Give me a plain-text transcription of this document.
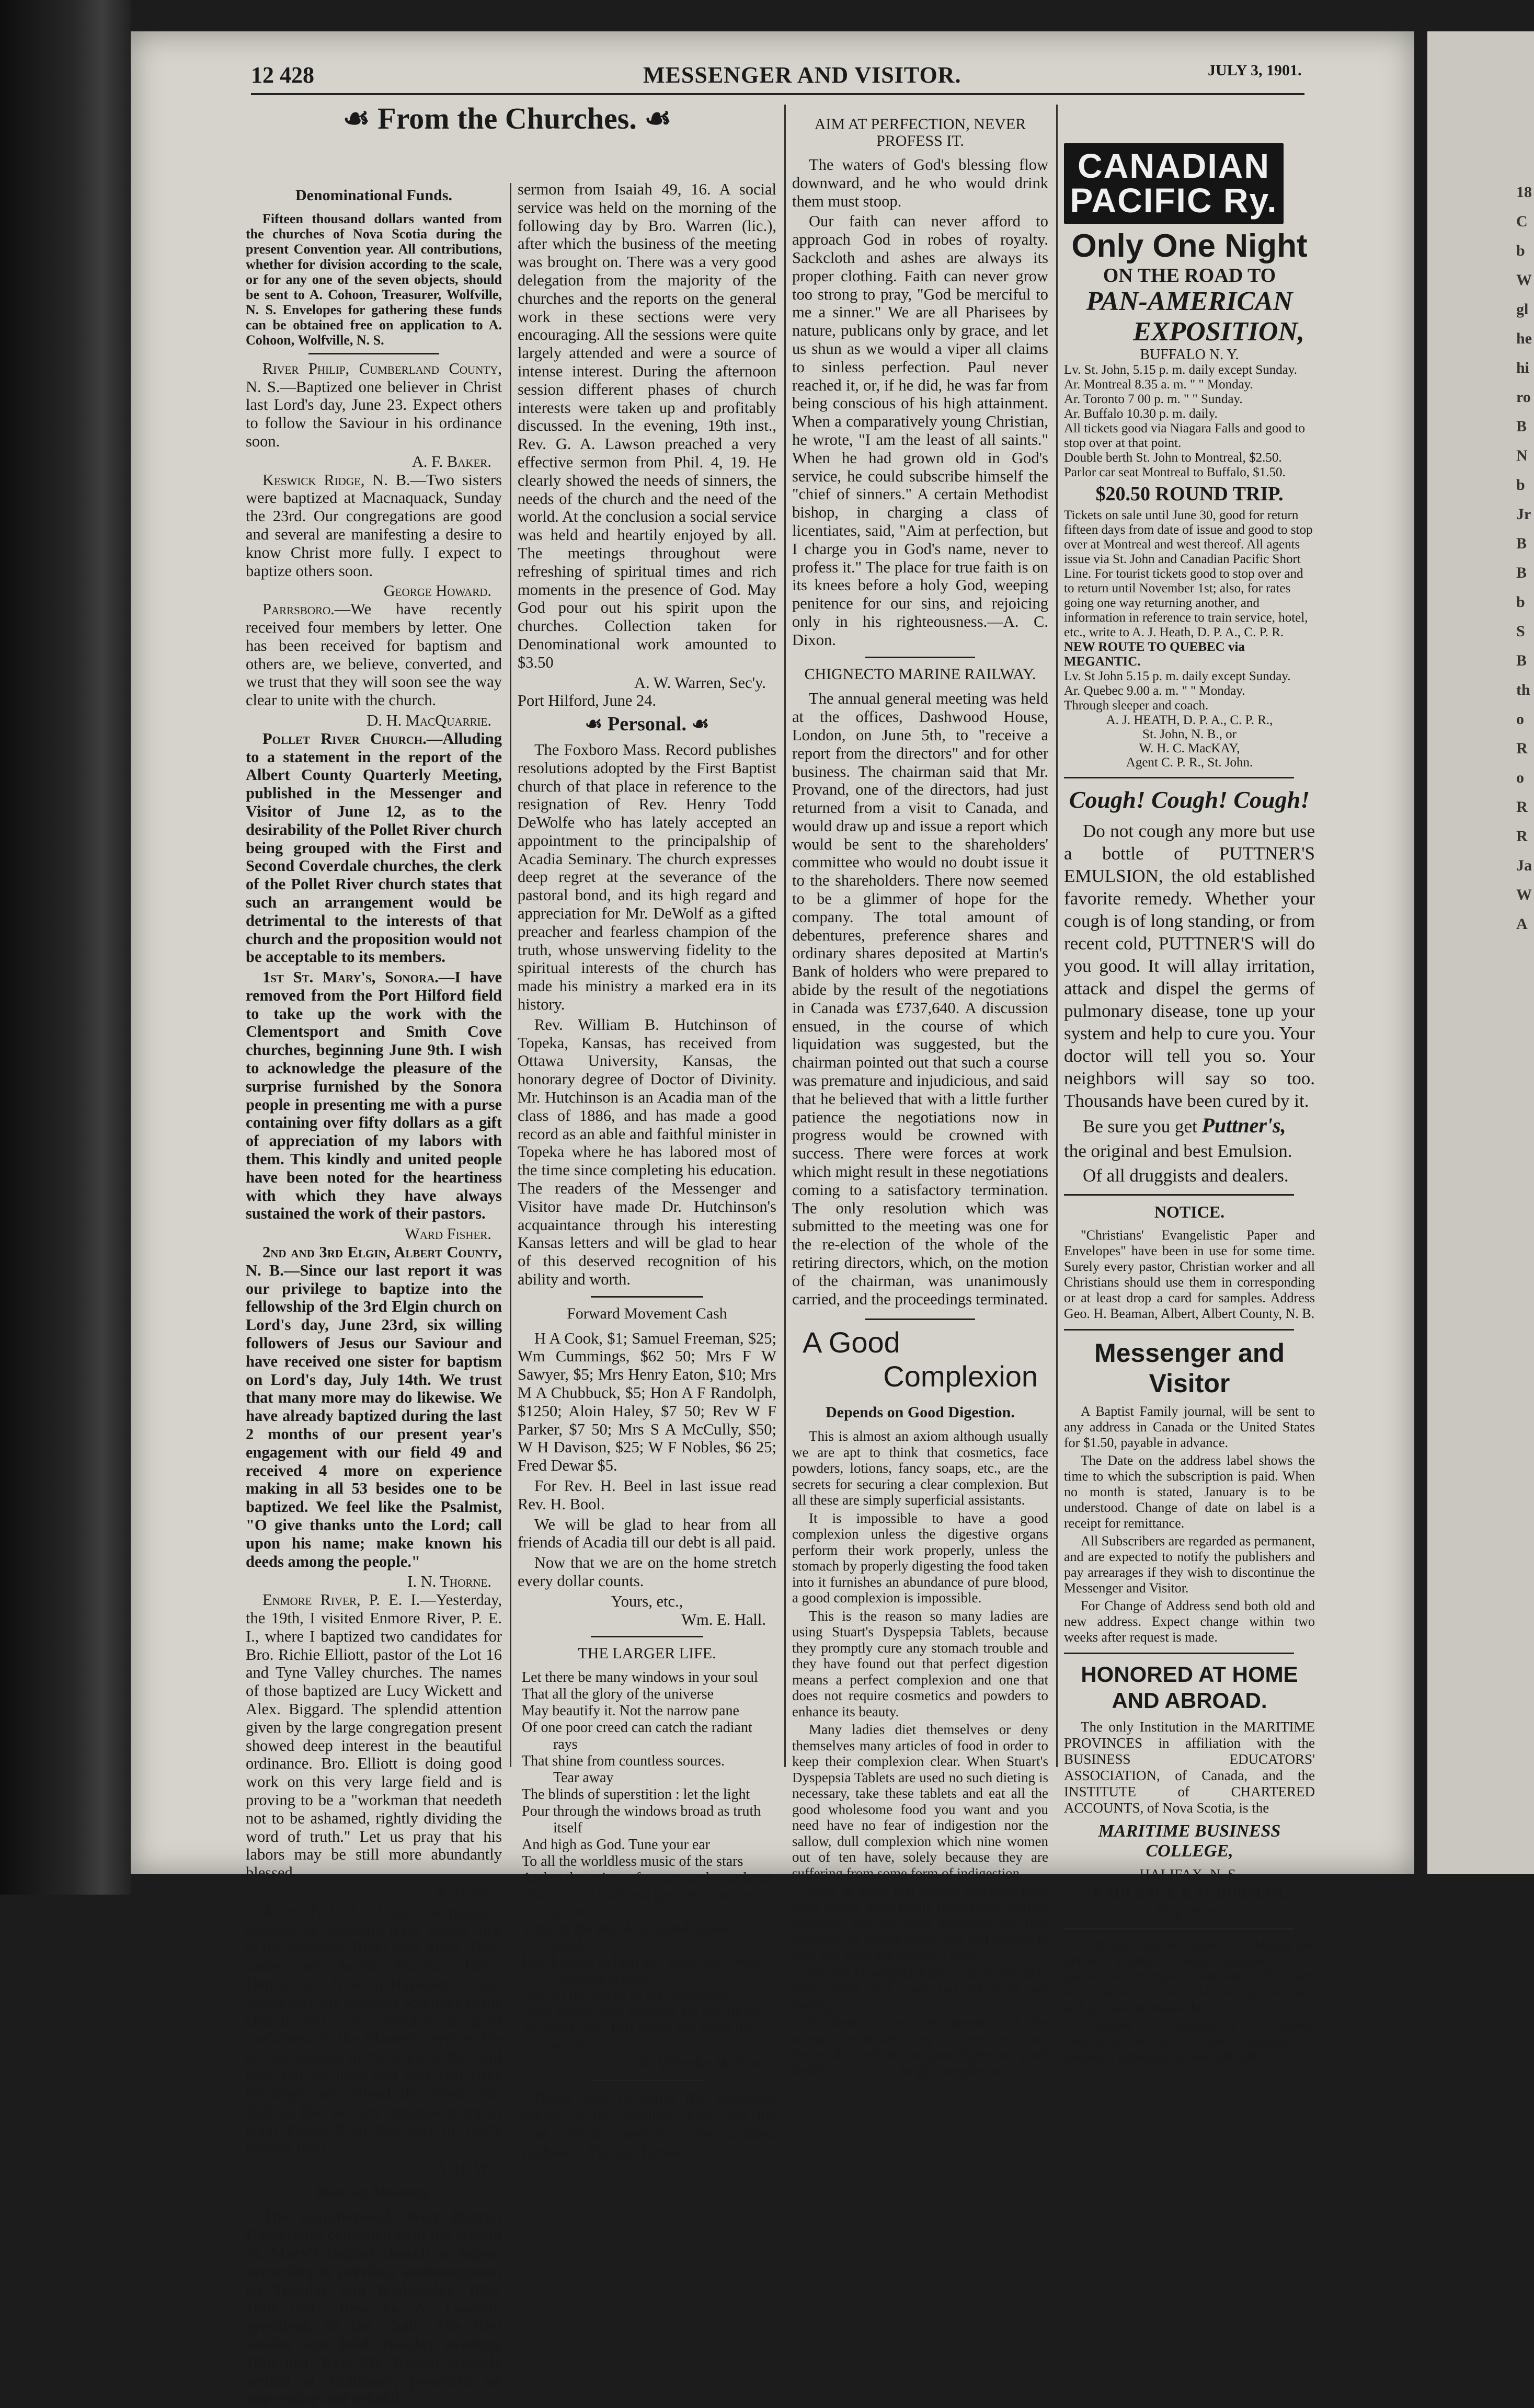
18
C
b
W
gl
he
hi
ro
B
N
b
Jr
B
B
b
S
B
th
o
R
o
R
R
Ja
W
A
12 428	MESSENGER AND VISITOR.	JULY 3, 1901.
☙ From the Churches. ☙
Denominational Funds.

Fifteen thousand dollars wanted from the churches of Nova Scotia during the present Convention year. All contributions, whether for division according to the scale, or for any one of the seven objects, should be sent to A. Cohoon, Treasurer, Wolfville, N. S. Envelopes for gathering these funds can be obtained free on application to A. Cohoon, Wolfville, N. S.

River Philip, Cumberland County, N. S.—Baptized one believer in Christ last Lord's day, June 23. Expect others to follow the Saviour in his ordinance soon.

A. F. Baker.

Keswick Ridge, N. B.—Two sisters were baptized at Macnaquack, Sunday the 23rd. Our congregations are good and several are manifesting a desire to know Christ more fully. I expect to baptize others soon.

George Howard.

Parrsboro.—We have recently received four members by letter. One has been received for baptism and others are, we believe, converted, and we trust that they will soon see the way clear to unite with the church.

D. H. MacQuarrie.

Pollet River Church.—Alluding to a statement in the report of the Albert County Quarterly Meeting, published in the Messenger and Visitor of June 12, as to the desirability of the Pollet River church being grouped with the First and Second Coverdale churches, the clerk of the Pollet River church states that such an arrangement would be detrimental to the interests of that church and the proposition would not be acceptable to its members.

1st St. Mary's, Sonora.—I have removed from the Port Hilford field to take up the work with the Clementsport and Smith Cove churches, beginning June 9th. I wish to acknowledge the pleasure of the surprise furnished by the Sonora people in presenting me with a purse containing over fifty dollars as a gift of appreciation of my labors with them. This kindly and united people have been noted for the heartiness with which they have always sustained the work of their pastors.

Ward Fisher.

2nd and 3rd Elgin, Albert County, N. B.—Since our last report it was our privilege to baptize into the fellowship of the 3rd Elgin church on Lord's day, June 23rd, six willing followers of Jesus our Saviour and have received one sister for baptism on Lord's day, July 14th. We trust that many more may do likewise. We have already baptized during the last 2 months of our present year's engagement with our field 49 and received 4 more on experience making in all 53 besides one to be baptized. We feel like the Psalmist, "O give thanks unto the Lord; call upon his name; make known his deeds among the people."

I. N. Thorne.

Enmore River, P. E. I.—Yesterday, the 19th, I visited Enmore River, P. E. I., where I baptized two candidates for Bro. Richie Elliott, pastor of the Lot 16 and Tyne Valley churches. The names of those baptized are Lucy Wickett and Alex. Biggard. The splendid attention given by the large congregation present showed deep interest in the beautiful ordinance. Bro. Elliott is doing good work on this very large field and is proving to be a "workman that needeth not to be ashamed, rightly dividing the word of truth." Let us pray that his labors may be still more abundantly blessed.

A. H. W.

Alma, P. E. I.—I had the pleasure recently of baptizing three young men in the Montrose River near Alma. Their names are Archie Dunbar, James Dunbar and Newton Haywood. These young men are valuable additions to the church and give promise of great usefulness in the Master's service. We are encouraged in the work of the Lord here and we hope and pray that large blessings may attend the efforts put forth so that we may continue to report good things from this part of God's harvest field.

A. H. W.
District Meeting.

The Guysborough West District Conference convened with the second St. Mary's Baptist church at Aspen, according to previous announcement on Tuesday and Wednesday, 18th, 19th inst., Rev. G. A. Lawson, president, in the chair. The first session was held Tuesday evening, 18th inst. Rev. Mr. Brown recently settled at Goldboro, preached an impressive and helpful

sermon from Isaiah 49, 16. A social service was held on the morning of the following day by Bro. Warren (lic.), after which the business of the meeting was brought on. There was a very good delegation from the majority of the churches and the reports on the general work in these sections were very encouraging. All the sessions were quite largely attended and were a source of intense interest. During the afternoon session different phases of church interests were taken up and profitably discussed. In the evening, 19th inst., Rev. G. A. Lawson preached a very effective sermon from Phil. 4, 19. He clearly showed the needs of sinners, the needs of the church and the need of the world. At the conclusion a social service was held and heartily enjoyed by all. The meetings throughout were refreshing of spiritual times and rich moments in the presence of God. May God pour out his spirit upon the churches. Collection taken for Denominational work amounted to $3.50

A. W. Warren, Sec'y.

Port Hilford, June 24.

☙ Personal. ☙

The Foxboro Mass. Record publishes resolutions adopted by the First Baptist church of that place in reference to the resignation of Rev. Henry Todd DeWolfe who has lately accepted an appointment to the principalship of Acadia Seminary. The church expresses deep regret at the severance of the pastoral bond, and its high regard and appreciation for Mr. DeWolf as a gifted preacher and fearless champion of the truth, whose unswerving fidelity to the spiritual interests of the church has made his ministry a marked era in its history.

Rev. William B. Hutchinson of Topeka, Kansas, has received from Ottawa University, Kansas, the honorary degree of Doctor of Divinity. Mr. Hutchinson is an Acadia man of the class of 1886, and has made a good record as an able and faithful minister in Topeka where he has labored most of the time since completing his education. The readers of the Messenger and Visitor have made Dr. Hutchinson's acquaintance through his interesting Kansas letters and will be glad to hear of this deserved recognition of his ability and worth.

Forward Movement Cash

H A Cook, $1; Samuel Freeman, $25; Wm Cummings, $62 50; Mrs F W Sawyer, $5; Mrs Henry Eaton, $10; Mrs M A Chubbuck, $5; Hon A F Randolph, $1250; Aloin Haley, $7 50; Rev W F Parker, $7 50; Mrs S A McCully, $50; W H Davison, $25; W F Nobles, $6 25; Fred Dewar $5.

For Rev. H. Beel in last issue read Rev. H. Bool.

We will be glad to hear from all friends of Acadia till our debt is all paid.

Now that we are on the home stretch every dollar counts.

Yours, etc.,
Wm. E. Hall.
THE LARGER LIFE.
Let there be many windows in your soul
That all the glory of the universe
May beautify it. Not the narrow pane
Of one poor creed can catch the radiant
rays
That shine from countless sources.
Tear away
The blinds of superstition : let the light
Pour through the windows broad as truth
itself
And high as God. Tune your ear
To all the worldless music of the stars
And to the voices of nature, and your heart
Shall turn to truth and goodness, as the
plant
Turns to the sun. A thousand unseen
hands
Reach down to help you from their peace-
crowned heights,
And all the forces of the firmament
Shall fortify your strength. Be not afraid
To thrust aside half truths and grasp the
whole.
—R. Wheeler Wilcox.

Never fear to bring the sublimest motive to the smallest duty, and the most infinite comfort to the smallest troubles.—Phillips Brooks.

AIM AT PERFECTION, NEVER PROFESS IT.

The waters of God's blessing flow downward, and he who would drink them must stoop.

Our faith can never afford to approach God in robes of royalty. Sackcloth and ashes are always its proper clothing. Faith can never grow too strong to pray, "God be merciful to me a sinner." We are all Pharisees by nature, publicans only by grace, and let us shun as we would a viper all claims to sinless perfection. Paul never reached it, or, if he did, he was far from being conscious of his high attainment. When a comparatively young Christian, he wrote, "I am the least of all saints." When he had grown old in God's service, he could subscribe himself the "chief of sinners." A certain Methodist bishop, in charging a class of licentiates, said, "Aim at perfection, but I charge you in God's name, never to profess it." The place for true faith is on its knees before a holy God, weeping penitence for our sins, and rejoicing only in his righteousness.—A. C. Dixon.

CHIGNECTO MARINE RAILWAY.

The annual general meeting was held at the offices, Dashwood House, London, on June 5th, to "receive a report from the directors" and for other business. The chairman said that Mr. Provand, one of the directors, had just returned from a visit to Canada, and would draw up and issue a report which would be sent to the shareholders' committee who would no doubt issue it to the shareholders. There now seemed to be a glimmer of hope for the company. The total amount of debentures, preference shares and ordinary shares deposited at Martin's Bank of holders who were prepared to abide by the result of the negotiations in Canada was £737,640. A discussion ensued, in the course of which liquidation was suggested, but the chairman pointed out that such a course was premature and injudicious, and said that he believed that with a little further patience the negotiations now in progress would be crowned with success. There were forces at work which might result in these negotiations coming to a satisfactory termination. The only resolution which was submitted to the meeting was one for the re-election of the whole of the retiring directors, which, on the motion of the chairman, was unanimously carried, and the proceedings terminated.

A Good
Complexion
Depends on Good Digestion.

This is almost an axiom although usually we are apt to think that cosmetics, face powders, lotions, fancy soaps, etc., are the secrets for securing a clear complexion. But all these are simply superficial assistants.

It is impossible to have a good complexion unless the digestive organs perform their work properly, unless the stomach by properly digesting the food taken into it furnishes an abundance of pure blood, a good complexion is impossible.

This is the reason so many ladies are using Stuart's Dyspepsia Tablets, because they promptly cure any stomach trouble and they have found out that perfect digestion means a perfect complexion and one that does not require cosmetics and powders to enhance its beauty.

Many ladies diet themselves or deny themselves many articles of food in order to keep their complexion clear. When Stuart's Dyspepsia Tablets are used no such dieting is necessary, take these tablets and eat all the good wholesome food you want and you need have no fear of indigestion nor the sallow, dull complexion which nine women out of ten have, solely because they are suffering from some form of indigestion.

Bear in mind that beauty proceeds from good health, good health results from perfect digestion and we have advanced the best argument to induce every man and woman to give this splendid remedy a trial.

Stuart's Dyspepsia Tablets can be found in drug stores and costs but 50 cents per package.

If there is any derangement of the stomach or bowels they will remove it and the resultant effects are good digestion, good health, and a clear, bright complexion.

CANADIAN PACIFIC Ry.
Only One Night
ON THE ROAD TO
PAN-AMERICAN
EXPOSITION,
BUFFALO N. Y.
Lv. St. John, 5.15 p. m. daily except Sunday.
Ar. Montreal 8.35 a. m. " " Monday.
Ar. Toronto 7 00 p. m. " " Sunday.
Ar. Buffalo 10.30 p. m. daily.
All tickets good via Niagara Falls and good to stop over at that point.
Double berth St. John to Montreal, $2.50. Parlor car seat Montreal to Buffalo, $1.50.
$20.50 ROUND TRIP.
Tickets on sale until June 30, good for return fifteen days from date of issue and good to stop over at Montreal and west thereof. All agents issue via St. John and Canadian Pacific Short Line. For tourist tickets good to stop over and to return until November 1st; also, for rates going one way returning another, and information in reference to train service, hotel, etc., write to A. J. Heath, D. P. A., C. P. R.
NEW ROUTE TO QUEBEC via MEGANTIC.
Lv. St John 5.15 p. m. daily except Sunday.
Ar. Quebec 9.00 a. m. " " Monday.
Through sleeper and coach.
A. J. HEATH, D. P. A., C. P. R.,
St. John, N. B., or
W. H. C. MacKAY,
Agent C. P. R., St. John.
Cough! Cough! Cough!

Do not cough any more but use a bottle of PUTTNER'S EMULSION, the old established favorite remedy. Whether your cough is of long standing, or from recent cold, PUTTNER'S will do you good. It will allay irritation, attack and dispel the germs of pulmonary disease, tone up your system and help to cure you. Your doctor will tell you so. Your neighbors will say so too. Thousands have been cured by it.

Be sure you get Puttner's,

the original and best Emulsion.

Of all druggists and dealers.

NOTICE.

"Christians' Evangelistic Paper and Envelopes" have been in use for some time. Surely every pastor, Christian worker and all Christians should use them in corresponding or at least drop a card for samples. Address Geo. H. Beaman, Albert, Albert County, N. B.

Messenger and Visitor

A Baptist Family journal, will be sent to any address in Canada or the United States for $1.50, payable in advance.

The Date on the address label shows the time to which the subscription is paid. When no month is stated, January is to be understood. Change of date on label is a receipt for remittance.

All Subscribers are regarded as permanent, and are expected to notify the publishers and pay arrearages if they wish to discontinue the Messenger and Visitor.

For Change of Address send both old and new address. Expect change within two weeks after request is made.

HONORED AT HOME
AND ABROAD.

The only Institution in the MARITIME PROVINCES in affiliation with the BUSINESS EDUCATORS' ASSOCIATION, of Canada, and the INSTITUTE of CHARTERED ACCOUNTS, of Nova Scotia, is the

MARITIME BUSINESS COLLEGE,
HALIFAX, N. S.
KAULBACK & SCHURMAN,
Proprietors.

A British column under Col. Munro has defeated a force of Boers, supposed to be a portion of Kritzinger's commando. The Boers were routed from the field, leaving their carts and provisions behind them.

Valemore E. Traversey, & Co., lumber merchants, Montreal, have assigned on demand ; liabilities exceed $30,000.
